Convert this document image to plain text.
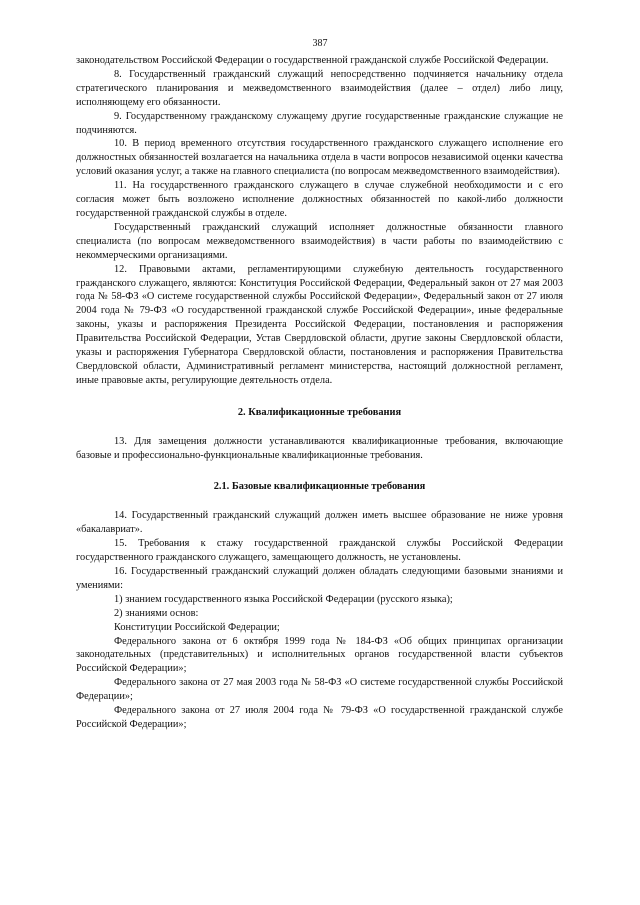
387

законодательством Российской Федерации о государственной гражданской службе Российской Федерации.

8. Государственный гражданский служащий непосредственно подчиняется начальнику отдела стратегического планирования и межведомственного взаимодействия (далее – отдел) либо лицу, исполняющему его обязанности.

9. Государственному гражданскому служащему другие государственные гражданские служащие не подчиняются.

10. В период временного отсутствия государственного гражданского служащего исполнение его должностных обязанностей возлагается на начальника отдела в части вопросов независимой оценки качества условий оказания услуг, а также на главного специалиста (по вопросам межведомственного взаимодействия).

11. На государственного гражданского служащего в случае служебной необходимости и с его согласия может быть возложено исполнение должностных обязанностей по какой-либо должности государственной гражданской службы в отделе.

Государственный гражданский служащий исполняет должностные обязанности главного специалиста (по вопросам межведомственного взаимодействия) в части работы по взаимодействию с некоммерческими организациями.

12. Правовыми актами, регламентирующими служебную деятельность государственного гражданского служащего, являются: Конституция Российской Федерации, Федеральный закон от 27 мая 2003 года № 58-ФЗ «О системе государственной службы Российской Федерации», Федеральный закон от 27 июля 2004 года № 79-ФЗ «О государственной гражданской службе Российской Федерации», иные федеральные законы, указы и распоряжения Президента Российской Федерации, постановления и распоряжения Правительства Российской Федерации, Устав Свердловской области, другие законы Свердловской области, указы и распоряжения Губернатора Свердловской области, постановления и распоряжения Правительства Свердловской области, Административный регламент министерства, настоящий должностной регламент, иные правовые акты, регулирующие деятельность отдела.

2. Квалификационные требования

13. Для замещения должности устанавливаются квалификационные требования, включающие базовые и профессионально-функциональные квалификационные требования.

2.1. Базовые квалификационные требования

14. Государственный гражданский служащий должен иметь высшее образование не ниже уровня «бакалавриат».

15. Требования к стажу государственной гражданской службы Российской Федерации государственного гражданского служащего, замещающего должность, не установлены.

16. Государственный гражданский служащий должен обладать следующими базовыми знаниями и умениями:

1) знанием государственного языка Российской Федерации (русского языка);

2) знаниями основ:

Конституции Российской Федерации;

Федерального закона от 6 октября 1999 года № 184-ФЗ «Об общих принципах организации законодательных (представительных) и исполнительных органов государственной власти субъектов Российской Федерации»;

Федерального закона от 27 мая 2003 года № 58-ФЗ «О системе государственной службы Российской Федерации»;

Федерального закона от 27 июля 2004 года № 79-ФЗ «О государственной гражданской службе Российской Федерации»;
